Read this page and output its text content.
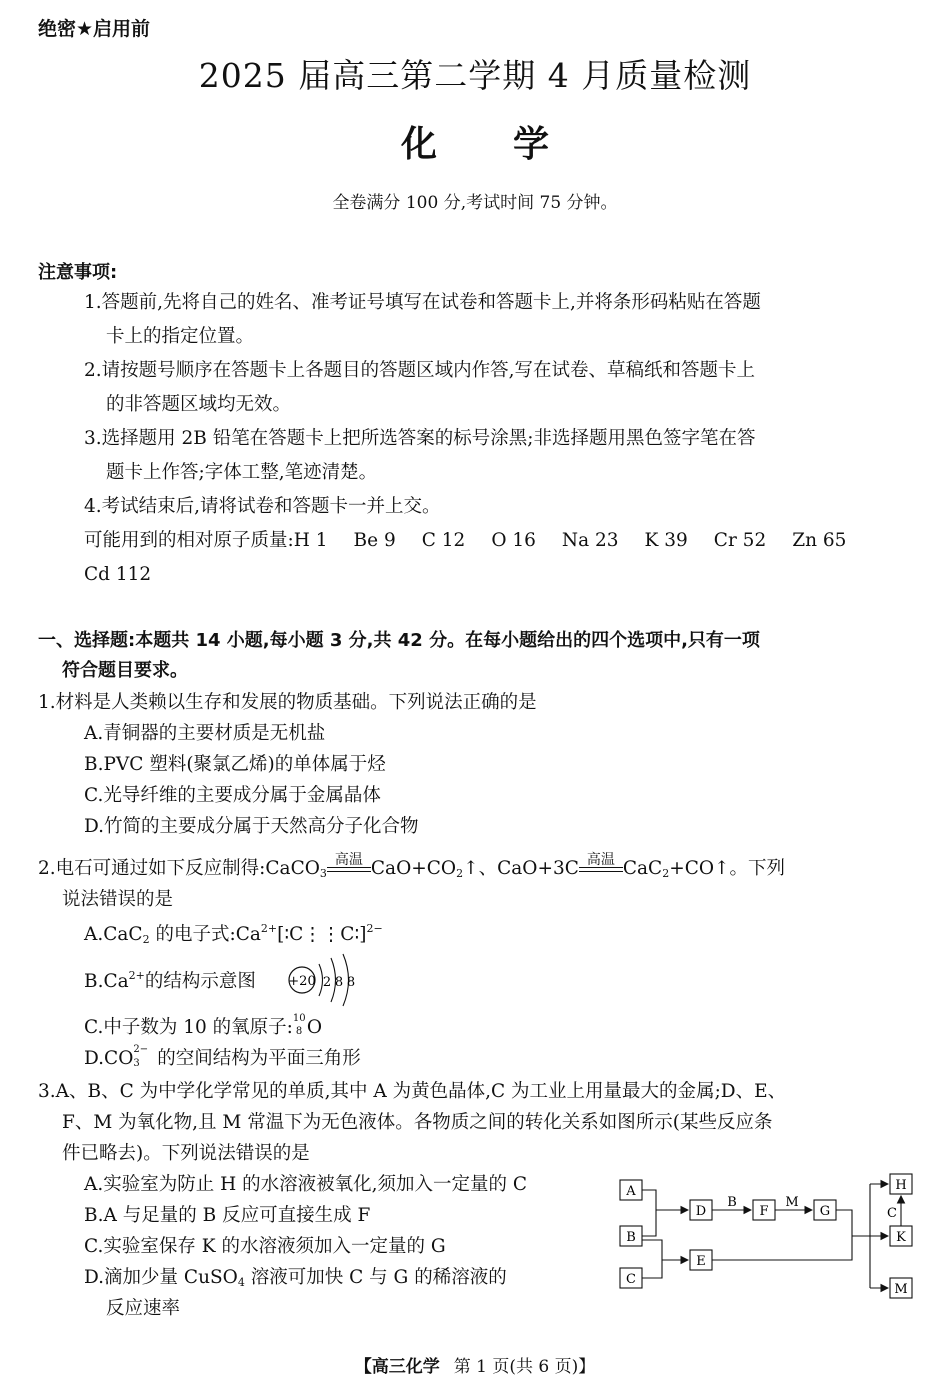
绝密★启用前
2025 届高三第二学期 4 月质量检测
化 学
全卷满分 100 分,考试时间 75 分钟。
注意事项:
1.答题前,先将自己的姓名、准考证号填写在试卷和答题卡上,并将条形码粘贴在答题
卡上的指定位置。
2.请按题号顺序在答题卡上各题目的答题区域内作答,写在试卷、草稿纸和答题卡上
的非答题区域均无效。
3.选择题用 2B 铅笔在答题卡上把所选答案的标号涂黑;非选择题用黑色签字笔在答
题卡上作答;字体工整,笔迹清楚。
4.考试结束后,请将试卷和答题卡一并上交。
可能用到的相对原子质量:H 1 Be 9 C 12 O 16 Na 23 K 39 Cr 52 Zn 65
Cd 112
一、选择题:本题共 14 小题,每小题 3 分,共 42 分。在每小题给出的四个选项中,只有一项
符合题目要求。
1.材料是人类赖以生存和发展的物质基础。下列说法正确的是
A.青铜器的主要材质是无机盐
B.PVC 塑料(聚氯乙烯)的单体属于烃
C.光导纤维的主要成分属于金属晶体
D.竹简的主要成分属于天然高分子化合物
2.电石可通过如下反应制得:CaCO$_3$
高温 $CaO+CO_2↑$、CaO+3C 高温 CaC$_2$+CO↑。下列
说法错误的是
A.CaC$_2$ 的电子式$:Ca^{2+}[∶C⋮⋮C∶]^{2-}$
$B.Ca^{2+}$的结构示意图 +20 2 8 8
C.中子数为 10 的氧原子: 10
8 O
D.CO 2−
3 的空间结构为平面三角形
3.A、B、C 为中学化学常见的单质,其中 A 为黄色晶体,C 为工业上用量最大的金属;D、E、
F、M 为氧化物,且 M 常温下为无色液体。各物质之间的转化关系如图所示(某些反应条
件已略去)。下列说法错误的是
A.实验室为防止 H 的水溶液被氧化,须加入一定量的 C
B.A 与足量的 B 反应可直接生成 F
C.实验室保存 K 的水溶液须加入一定量的 G
D.滴加少量 CuSO$_4$ 溶液可加快 C 与 G 的稀溶液的
反应速率
A
B
C
D
E
F	G
H
K
M
B	M
C
【高三化学 第 1 页(共 6 页)】
